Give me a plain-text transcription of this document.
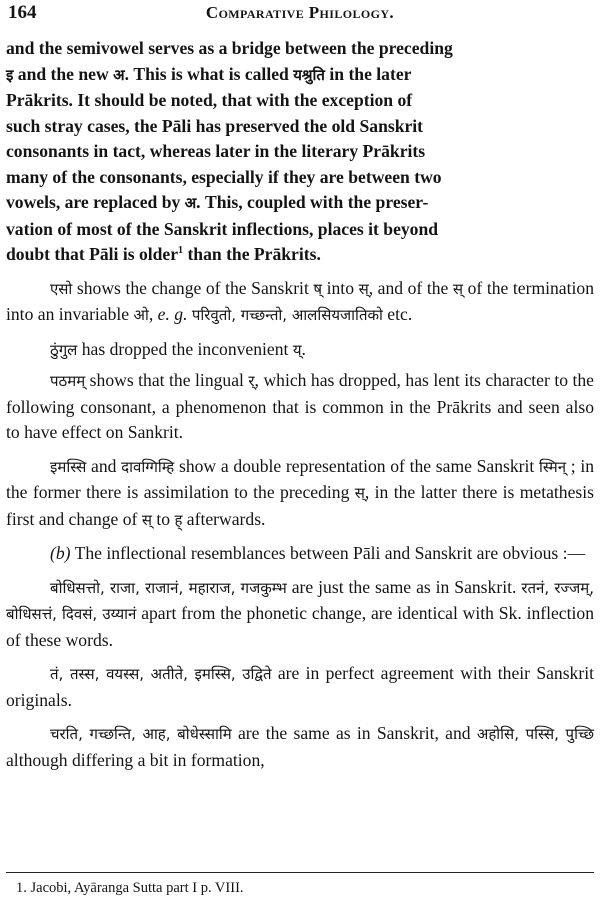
164	Comparative Philology.

and the semivowel serves as a bridge between the preceding
इ and the new अ. This is what is called यश्रुति in the later
Prākrits. It should be noted, that with the exception of
such stray cases, the Pāli has preserved the old Sanskrit
consonants in tact, whereas later in the literary Prākrits
many of the consonants, especially if they are between two
vowels, are replaced by अ. This, coupled with the preser-
vation of most of the Sanskrit inflections, places it beyond
doubt that Pāli is older$^1$ than the Prākrits.

एसो shows the change of the Sanskrit ष् into स्, and of the स् of the termination into an invariable ओ, e. g. परिवुतो, गच्छन्तो, आलसियजातिको etc.

ठुंगुल has dropped the inconvenient य्.

पठमम् shows that the lingual र्, which has dropped, has lent its character to the following consonant, a phenomenon that is common in the Prākrits and seen also to have effect on Sankrit.

इमस्सि and दावग्गिम्हि show a double representation of the same Sanskrit स्मिन् ; in the former there is assimilation to the preceding स्, in the latter there is metathesis first and change of स् to ह् afterwards.

(b) The inflectional resemblances between Pāli and Sanskrit are obvious :—

बोधिसत्तो, राजा, राजानं, महाराज, गजकुम्भ are just the same as in Sanskrit. रतनं, रज्जम्, बोधिसत्तं, दिवसं, उय्यानं apart from the phonetic change, are identical with Sk. inflection of these words.

तं, तस्स, वयस्स, अतीते, इमस्सि, उद्विते are in perfect agreement with their Sanskrit originals.

चरति, गच्छन्ति, आह, बोधेस्सामि are the same as in Sanskrit, and अहोसि, पस्सि, पुच्छि although differing a bit in formation,

1. Jacobi, Ayāranga Sutta part I p. VIII.
